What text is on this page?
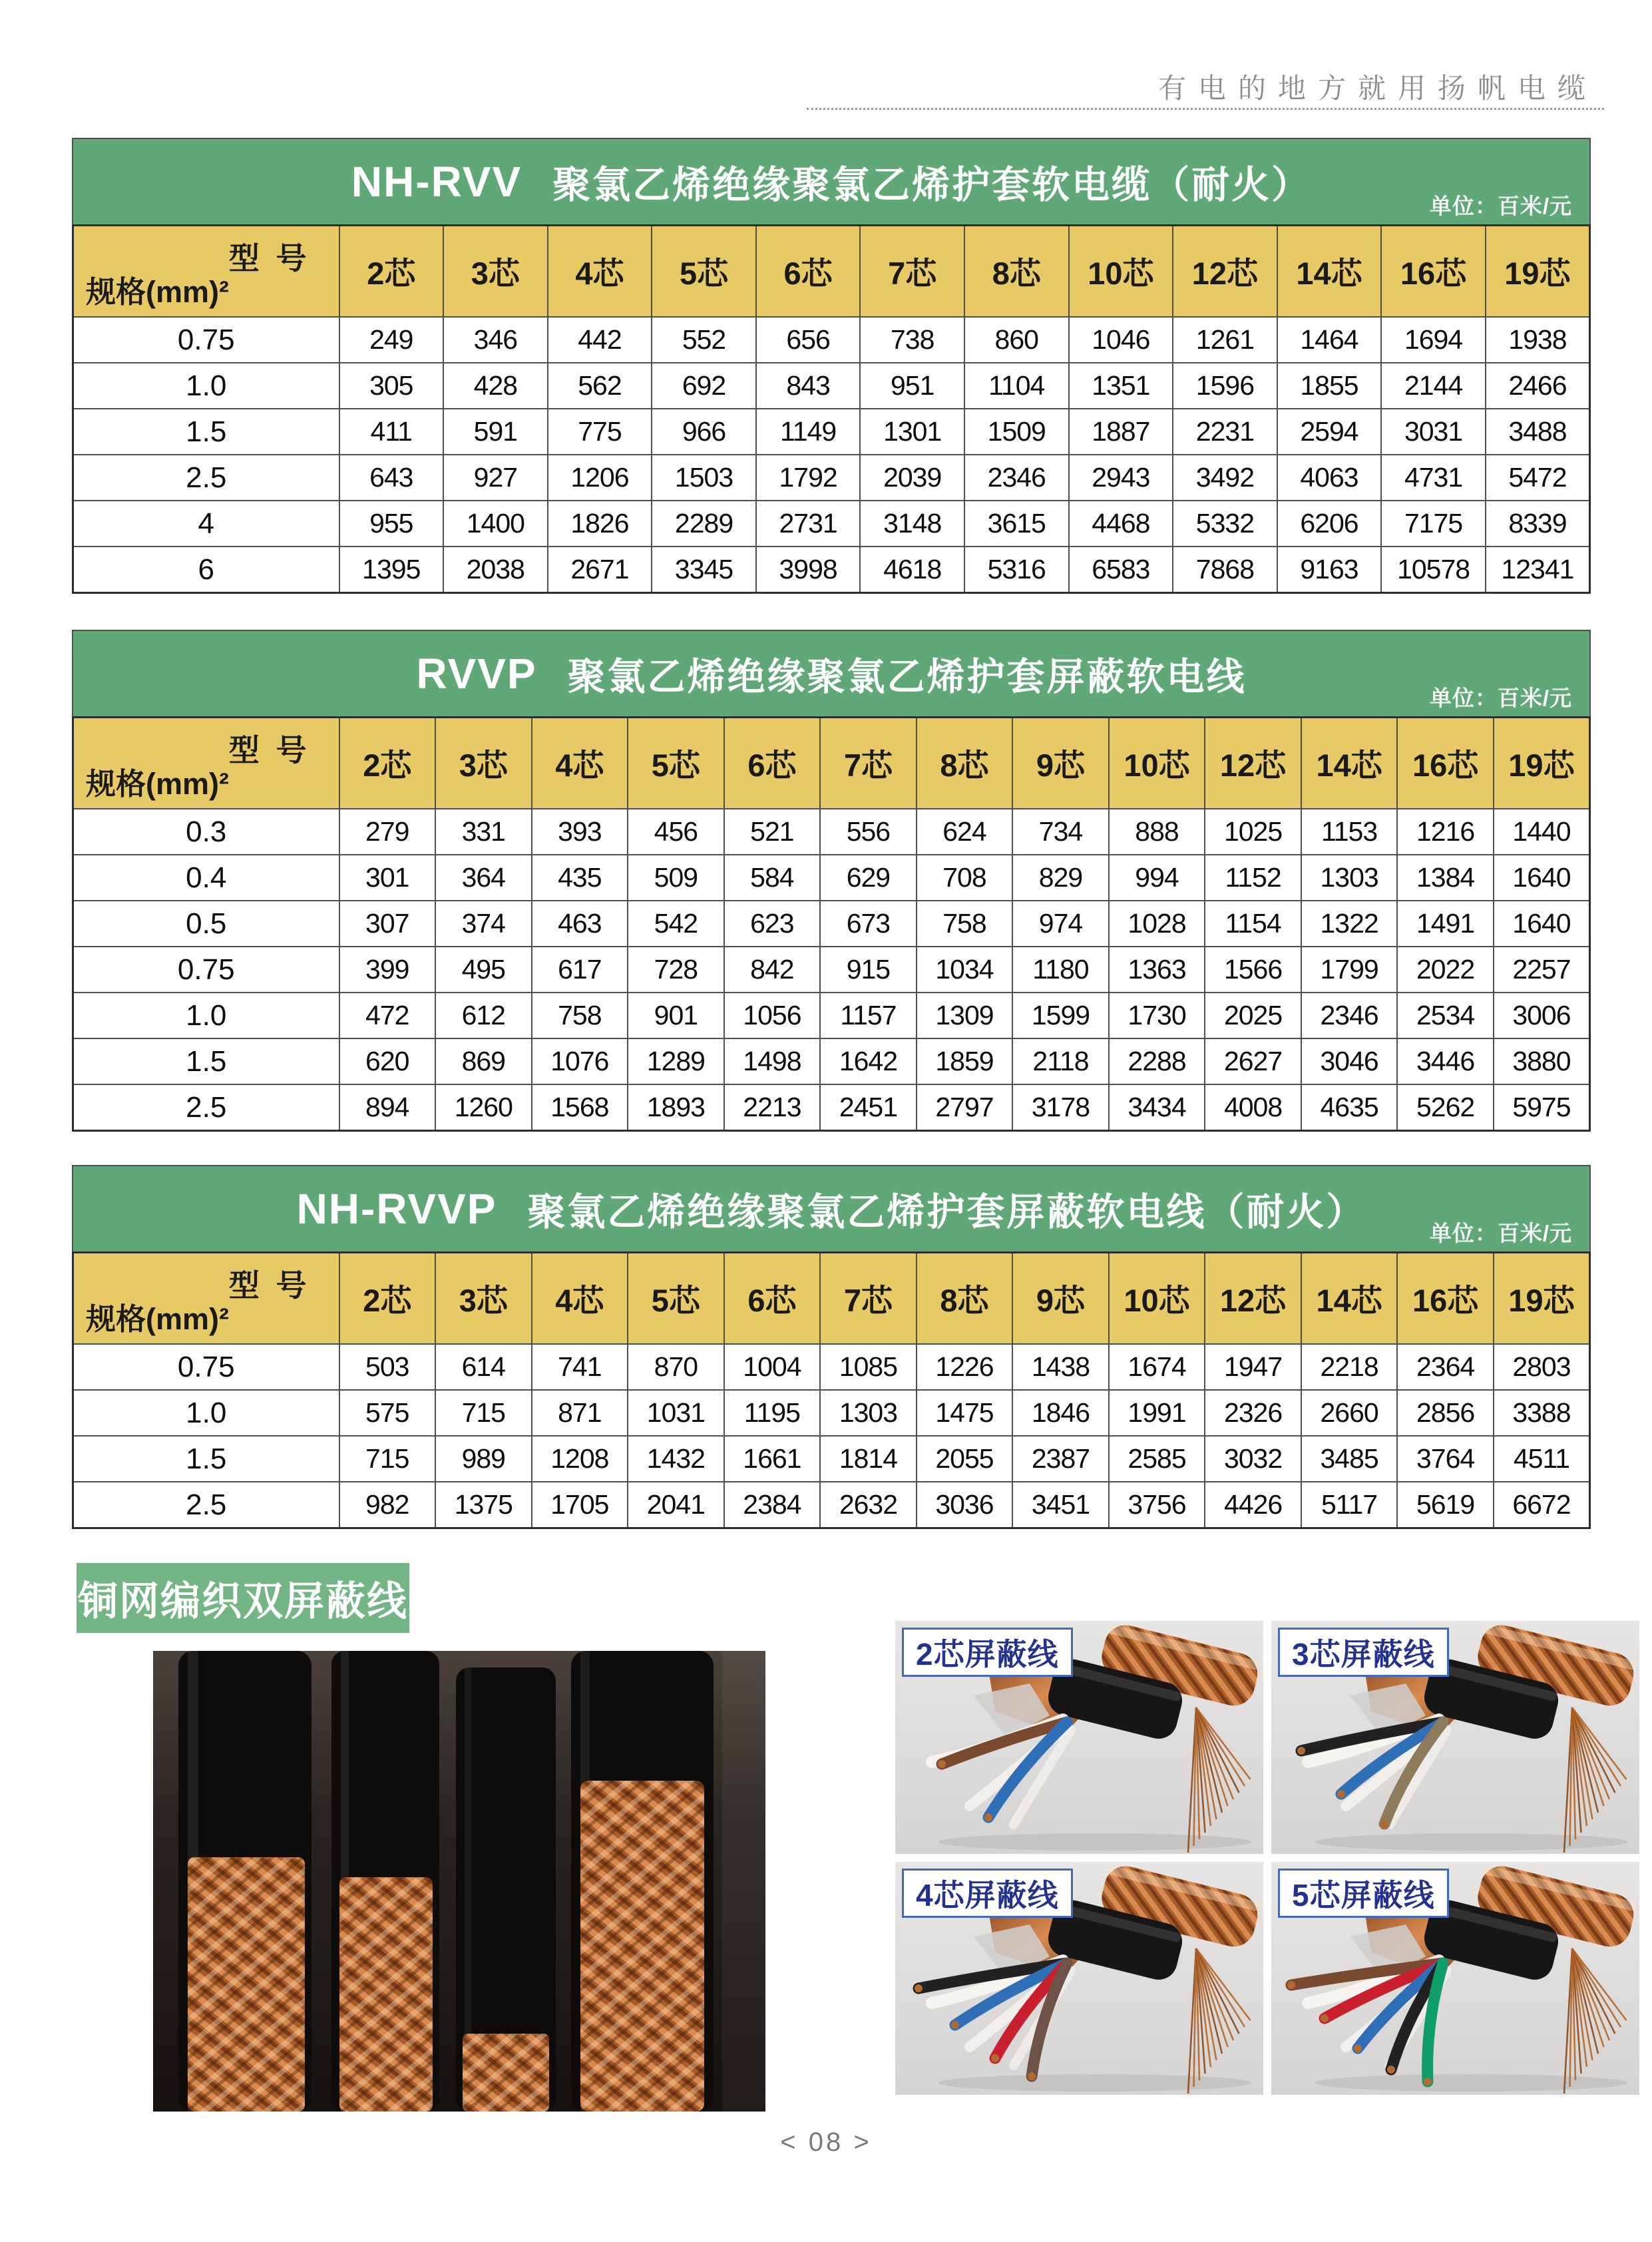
有电的地方就用扬帆电缆
NH-RVV 聚氯乙烯绝缘聚氯乙烯护套软电缆（耐火）	单位：百米/元
型 号
规格(mm)²	2芯	3芯	4芯	5芯	6芯	7芯	8芯	10芯	12芯	14芯	16芯	19芯
0.75	249	346	442	552	656	738	860	1046	1261	1464	1694	1938
1.0	305	428	562	692	843	951	1104	1351	1596	1855	2144	2466
1.5	411	591	775	966	1149	1301	1509	1887	2231	2594	3031	3488
2.5	643	927	1206	1503	1792	2039	2346	2943	3492	4063	4731	5472
4	955	1400	1826	2289	2731	3148	3615	4468	5332	6206	7175	8339
6	1395	2038	2671	3345	3998	4618	5316	6583	7868	9163	10578	12341
RVVP 聚氯乙烯绝缘聚氯乙烯护套屏蔽软电线	单位：百米/元
型 号
规格(mm)²	2芯	3芯	4芯	5芯	6芯	7芯	8芯	9芯	10芯	12芯	14芯	16芯	19芯
0.3	279	331	393	456	521	556	624	734	888	1025	1153	1216	1440
0.4	301	364	435	509	584	629	708	829	994	1152	1303	1384	1640
0.5	307	374	463	542	623	673	758	974	1028	1154	1322	1491	1640
0.75	399	495	617	728	842	915	1034	1180	1363	1566	1799	2022	2257
1.0	472	612	758	901	1056	1157	1309	1599	1730	2025	2346	2534	3006
1.5	620	869	1076	1289	1498	1642	1859	2118	2288	2627	3046	3446	3880
2.5	894	1260	1568	1893	2213	2451	2797	3178	3434	4008	4635	5262	5975
NH-RVVP 聚氯乙烯绝缘聚氯乙烯护套屏蔽软电线（耐火）	单位：百米/元
型 号
规格(mm)²	2芯	3芯	4芯	5芯	6芯	7芯	8芯	9芯	10芯	12芯	14芯	16芯	19芯
0.75	503	614	741	870	1004	1085	1226	1438	1674	1947	2218	2364	2803
1.0	575	715	871	1031	1195	1303	1475	1846	1991	2326	2660	2856	3388
1.5	715	989	1208	1432	1661	1814	2055	2387	2585	3032	3485	3764	4511
2.5	982	1375	1705	2041	2384	2632	3036	3451	3756	4426	5117	5619	6672
铜网编织双屏蔽线
2芯屏蔽线	3芯屏蔽线
4芯屏蔽线	5芯屏蔽线
< 08 >
